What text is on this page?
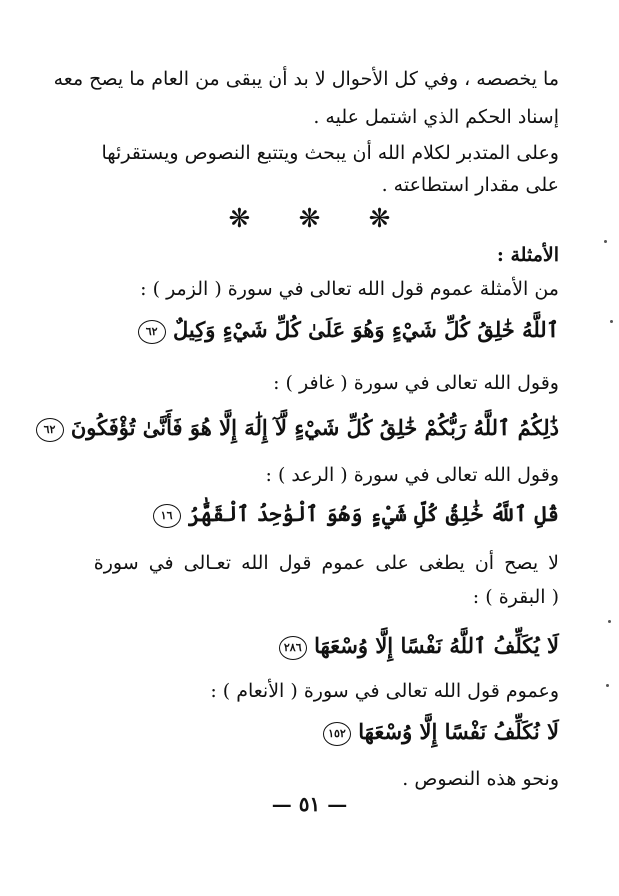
ما يخصصه ، وفي كل الأحوال لا بد أن يبقى من العام ما يصح معه
إسناد الحكم الذي اشتمل عليه .
وعلى المتدبر لكلام الله أن يبحث ويتتبع النصوص ويستقرئها
على مقدار استطاعته .
❋ ❋ ❋
الأمثلة :
من الأمثلة عموم قول الله تعالى في سورة ( الزمر ) :
ٱللَّهُ خَٰلِقُ كُلِّ شَيْءٍ وَهُوَ عَلَىٰ كُلِّ شَيْءٍ وَكِيلٌ ٦٢
وقول الله تعالى في سورة ( غافر ) :
ذَٰلِكُمُ ٱللَّهُ رَبُّكُمْ خَٰلِقُ كُلِّ شَيْءٍ لَّآ إِلَٰهَ إِلَّا هُوَ فَأَنَّىٰ تُؤْفَكُونَ ٦٢
وقول الله تعالى في سورة ( الرعد ) :
قُلِ ٱللَّهُ خَٰلِقُ كُلِّ شَيْءٍ وَهُوَ ٱلْوَٰحِدُ ٱلْقَهَّٰرُ ١٦
لا يصح أن يطغى على عموم قول الله تعـالى في سورة
( البقرة ) :
لَا يُكَلِّفُ ٱللَّهُ نَفْسًا إِلَّا وُسْعَهَا ٢٨٦
وعموم قول الله تعالى في سورة ( الأنعام ) :
لَا نُكَلِّفُ نَفْسًا إِلَّا وُسْعَهَا ١٥٢
ونحو هذه النصوص .
— ٥١ —
